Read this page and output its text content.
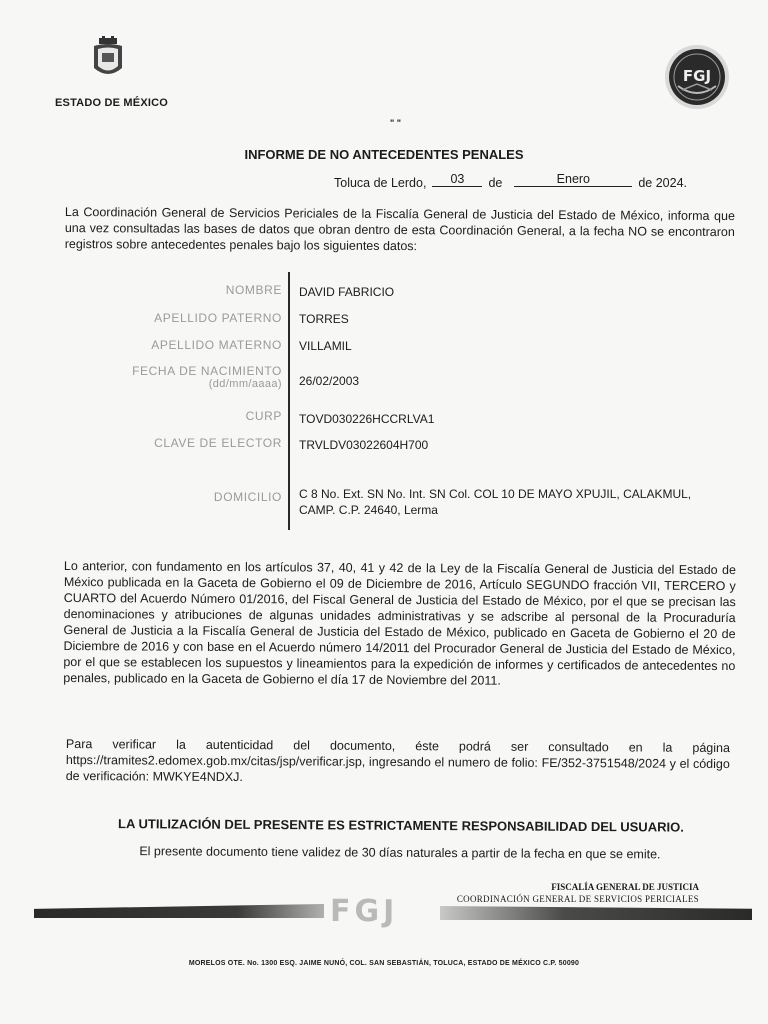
ESTADO DE MÉXICO
FGJ
" "
INFORME DE NO ANTECEDENTES PENALES
Toluca de Lerdo, 03 de	Enero	de 2024.
La Coordinación General de Servicios Periciales de la Fiscalía General de Justicia del Estado de México, informa que una vez consultadas las bases de datos que obran dentro de esta Coordinación General, a la fecha NO se encontraron registros sobre antecedentes penales bajo los siguientes datos:
NOMBRE DAVID FABRICIO
APELLIDO PATERNO TORRES
APELLIDO MATERNO VILLAMIL
FECHA DE NACIMIENTO
(dd/mm/aaaa) 26/02/2003
CURP TOVD030226HCCRLVA1
CLAVE DE ELECTOR TRVLDV03022604H700
DOMICILIO C 8 No. Ext. SN No. Int. SN Col. COL 10 DE MAYO XPUJIL, CALAKMUL, CAMP. C.P. 24640, Lerma
Lo anterior, con fundamento en los artículos 37, 40, 41 y 42 de la Ley de la Fiscalía General de Justicia del Estado de México publicada en la Gaceta de Gobierno el 09 de Diciembre de 2016, Artículo SEGUNDO fracción VII, TERCERO y CUARTO del Acuerdo Número 01/2016, del Fiscal General de Justicia del Estado de México, por el que se precisan las denominaciones y atribuciones de algunas unidades administrativas y se adscribe al personal de la Procuraduría General de Justicia a la Fiscalía General de Justicia del Estado de México, publicado en Gaceta de Gobierno el 20 de Diciembre de 2016 y con base en el Acuerdo número 14/2011 del Procurador General de Justicia del Estado de México, por el que se establecen los supuestos y lineamientos para la expedición de informes y certificados de antecedentes no penales, publicado en la Gaceta de Gobierno el día 17 de Noviembre del 2011.
Para verificar la autenticidad del documento, éste podrá ser consultado en la página https://tramites2.edomex.gob.mx/citas/jsp/verificar.jsp, ingresando el numero de folio: FE/352-3751548/2024 y el código de verificación: MWKYE4NDXJ.
LA UTILIZACIÓN DEL PRESENTE ES ESTRICTAMENTE RESPONSABILIDAD DEL USUARIO.
El presente documento tiene validez de 30 días naturales a partir de la fecha en que se emite.
FISCALÍA GENERAL DE JUSTICIA
COORDINACIÓN GENERAL DE SERVICIOS PERICIALES
FGJ
MORELOS OTE. No. 1300 ESQ. JAIME NUNÓ, COL. SAN SEBASTIÁN, TOLUCA, ESTADO DE MÉXICO C.P. 50090
